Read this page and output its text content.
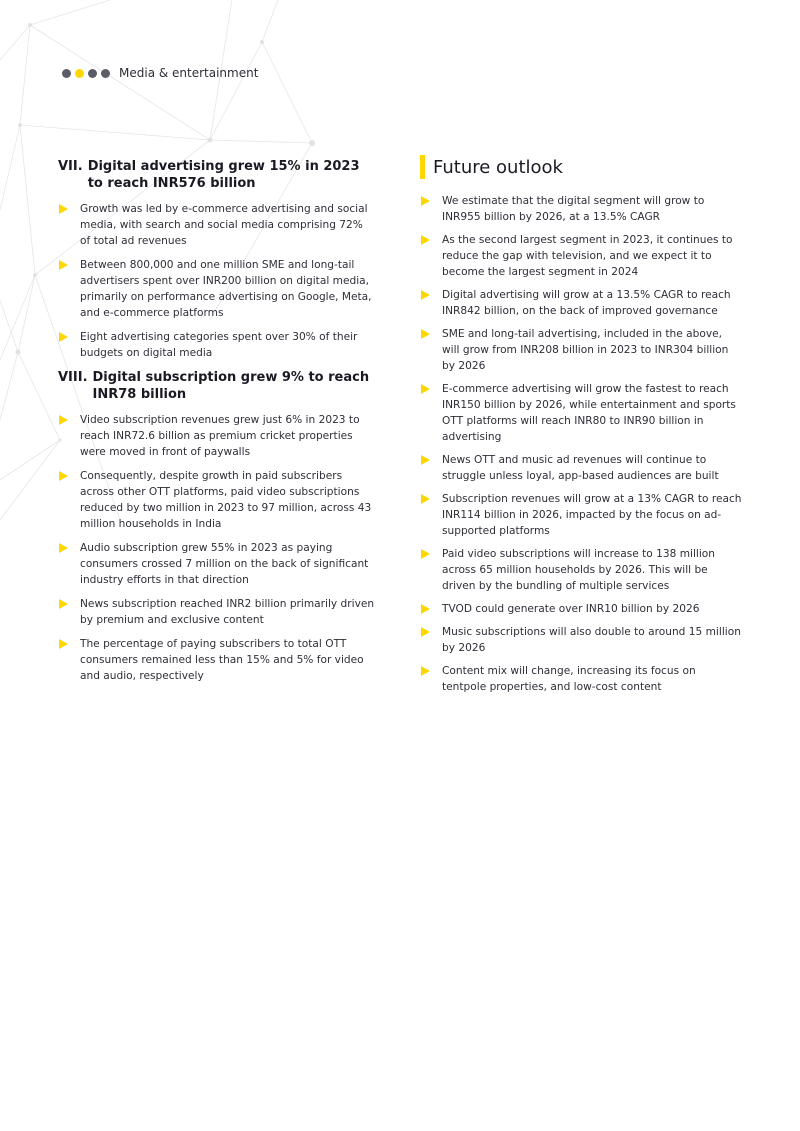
Media & entertainment
VII. Digital advertising grew 15% in 2023 to reach INR576 billion
Growth was led by e-commerce advertising and social media, with search and social media comprising 72% of total ad revenues
Between 800,000 and one million SME and long-tail advertisers spent over INR200 billion on digital media, primarily on performance advertising on Google, Meta, and e-commerce platforms
Eight advertising categories spent over 30% of their budgets on digital media
VIII. Digital subscription grew 9% to reach INR78 billion
Video subscription revenues grew just 6% in 2023 to reach INR72.6 billion as premium cricket properties were moved in front of paywalls
Consequently, despite growth in paid subscribers across other OTT platforms, paid video subscriptions reduced by two million in 2023 to 97 million, across 43 million households in India
Audio subscription grew 55% in 2023 as paying consumers crossed 7 million on the back of significant industry efforts in that direction
News subscription reached INR2 billion primarily driven by premium and exclusive content
The percentage of paying subscribers to total OTT consumers remained less than 15% and 5% for video and audio, respectively
Future outlook
We estimate that the digital segment will grow to INR955 billion by 2026, at a 13.5% CAGR
As the second largest segment in 2023, it continues to reduce the gap with television, and we expect it to become the largest segment in 2024
Digital advertising will grow at a 13.5% CAGR to reach INR842 billion, on the back of improved governance
SME and long-tail advertising, included in the above, will grow from INR208 billion in 2023 to INR304 billion by 2026
E-commerce advertising will grow the fastest to reach INR150 billion by 2026, while entertainment and sports OTT platforms will reach INR80 to INR90 billion in advertising
News OTT and music ad revenues will continue to struggle unless loyal, app-based audiences are built
Subscription revenues will grow at a 13% CAGR to reach INR114 billion in 2026, impacted by the focus on ad-supported platforms
Paid video subscriptions will increase to 138 million across 65 million households by 2026. This will be driven by the bundling of multiple services
TVOD could generate over INR10 billion by 2026
Music subscriptions will also double to around 15 million by 2026
Content mix will change, increasing its focus on tentpole properties, and low-cost content
